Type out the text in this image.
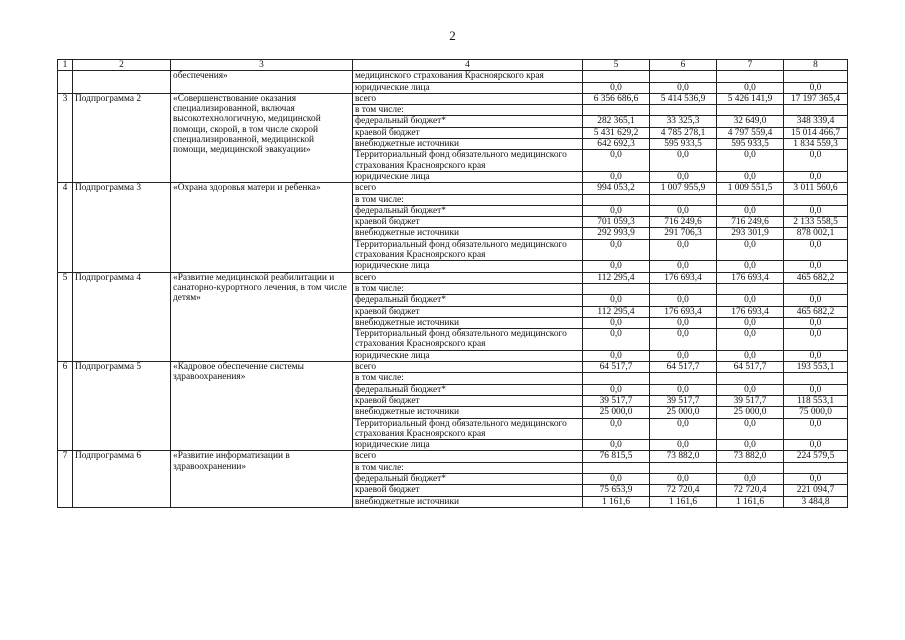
2
1	2	3	4	5	6	7	8
		обеспечения»	медицинского страхования Красноярского края				
			юридические лица	0,0	0,0	0,0	0,0
3	Подпрограмма 2	«Совершенствование оказания специализированной, включая высокотехнологичную, медицинской помощи, скорой, в том числе скорой специализированной, медицинской помощи, медицинской эвакуации»	всего	6 356 686,6	5 414 536,9	5 426 141,9	17 197 365,4
			в том числе:				
			федеральный бюджет*	282 365,1	33 325,3	32 649,0	348 339,4
			краевой бюджет	5 431 629,2	4 785 278,1	4 797 559,4	15 014 466,7
			внебюджетные источники	642 692,3	595 933,5	595 933,5	1 834 559,3
			Территориальный фонд обязательного медицинского страхования Красноярского края	0,0	0,0	0,0	0,0
			юридические лица	0,0	0,0	0,0	0,0
4	Подпрограмма 3	«Охрана здоровья матери и ребенка»	всего	994 053,2	1 007 955,9	1 009 551,5	3 011 560,6
			в том числе:				
			федеральный бюджет*	0,0	0,0	0,0	0,0
			краевой бюджет	701 059,3	716 249,6	716 249,6	2 133 558,5
			внебюджетные источники	292 993,9	291 706,3	293 301,9	878 002,1
			Территориальный фонд обязательного медицинского страхования Красноярского края	0,0	0,0	0,0	0,0
			юридические лица	0,0	0,0	0,0	0,0
5	Подпрограмма 4	«Развитие медицинской реабилитации и санаторно-курортного лечения, в том числе детям»	всего	112 295,4	176 693,4	176 693,4	465 682,2
			в том числе:				
			федеральный бюджет*	0,0	0,0	0,0	0,0
			краевой бюджет	112 295,4	176 693,4	176 693,4	465 682,2
			внебюджетные источники	0,0	0,0	0,0	0,0
			Территориальный фонд обязательного медицинского страхования Красноярского края	0,0	0,0	0,0	0,0
			юридические лица	0,0	0,0	0,0	0,0
6	Подпрограмма 5	«Кадровое обеспечение системы здравоохранения»	всего	64 517,7	64 517,7	64 517,7	193 553,1
			в том числе:				
			федеральный бюджет*	0,0	0,0	0,0	0,0
			краевой бюджет	39 517,7	39 517,7	39 517,7	118 553,1
			внебюджетные источники	25 000,0	25 000,0	25 000,0	75 000,0
			Территориальный фонд обязательного медицинского страхования Красноярского края	0,0	0,0	0,0	0,0
			юридические лица	0,0	0,0	0,0	0,0
7	Подпрограмма 6	«Развитие информатизации в здравоохранении»	всего	76 815,5	73 882,0	73 882,0	224 579,5
			в том числе:				
			федеральный бюджет*	0,0	0,0	0,0	0,0
			краевой бюджет	75 653,9	72 720,4	72 720,4	221 094,7
			внебюджетные источники	1 161,6	1 161,6	1 161,6	3 484,8
